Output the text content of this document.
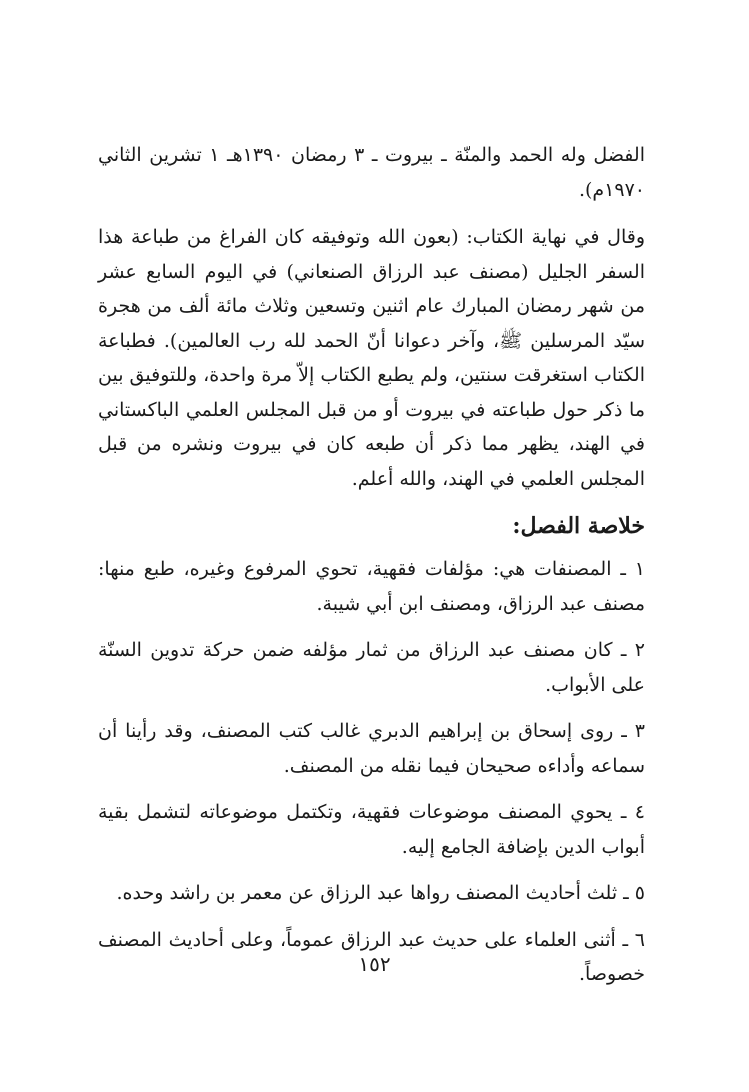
الفضل وله الحمد والمنّة ـ بيروت ـ ٣ رمضان ١٣٩٠هـ ١ تشرين الثاني ١٩٧٠م).

وقال في نهاية الكتاب: (بعون الله وتوفيقه كان الفراغ من طباعة هذا السفر الجليل (مصنف عبد الرزاق الصنعاني) في اليوم السابع عشر من شهر رمضان المبارك عام اثنين وتسعين وثلاث مائة ألف من هجرة سيّد المرسلين ﷺ، وآخر دعوانا أنّ الحمد لله رب العالمين). فطباعة الكتاب استغرقت سنتين، ولم يطبع الكتاب إلاّ مرة واحدة، وللتوفيق بين ما ذكر حول طباعته في بيروت أو من قبل المجلس العلمي الباكستاني في الهند، يظهر مما ذكر أن طبعه كان في بيروت ونشره من قبل المجلس العلمي في الهند، والله أعلم.

خلاصة الفصل:
١ ـ المصنفات هي: مؤلفات فقهية، تحوي المرفوع وغيره، طبع منها: مصنف عبد الرزاق، ومصنف ابن أبي شيبة.
٢ ـ كان مصنف عبد الرزاق من ثمار مؤلفه ضمن حركة تدوين السنّة على الأبواب.
٣ ـ روى إسحاق بن إبراهيم الدبري غالب كتب المصنف، وقد رأينا أن سماعه وأداءه صحيحان فيما نقله من المصنف.
٤ ـ يحوي المصنف موضوعات فقهية، وتكتمل موضوعاته لتشمل بقية أبواب الدين بإضافة الجامع إليه.
٥ ـ ثلث أحاديث المصنف رواها عبد الرزاق عن معمر بن راشد وحده.
٦ ـ أثنى العلماء على حديث عبد الرزاق عموماً، وعلى أحاديث المصنف خصوصاً.
١٥٢
